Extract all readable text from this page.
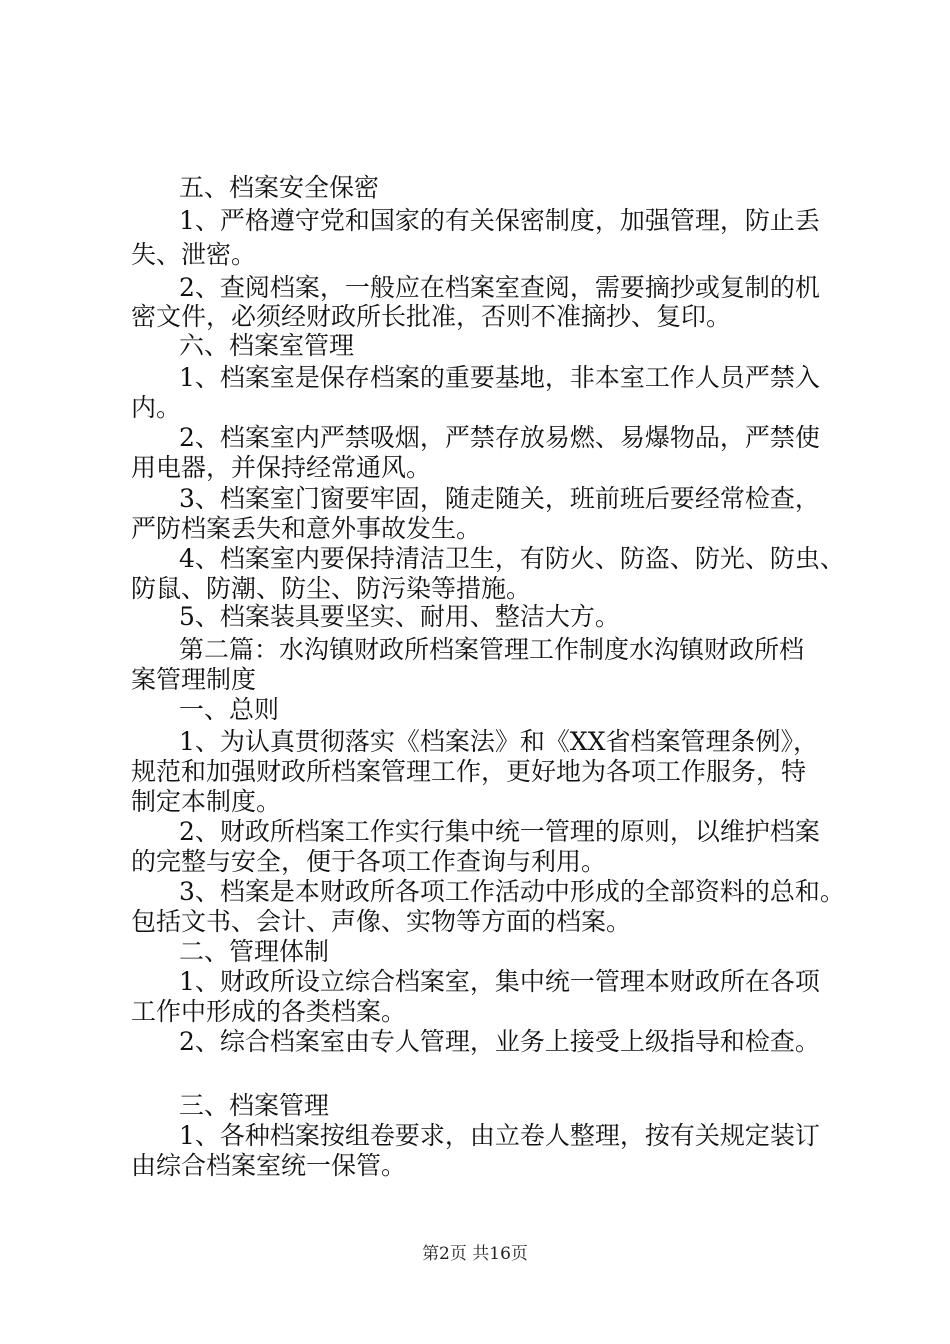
五、档案安全保密
1、严格遵守党和国家的有关保密制度，加强管理，防止丢
失、泄密。
2、查阅档案，一般应在档案室查阅，需要摘抄或复制的机
密文件，必须经财政所长批准，否则不准摘抄、复印。
六、档案室管理
1、档案室是保存档案的重要基地，非本室工作人员严禁入
内。
2、档案室内严禁吸烟，严禁存放易燃、易爆物品，严禁使
用电器，并保持经常通风。
3、档案室门窗要牢固，随走随关，班前班后要经常检查，
严防档案丢失和意外事故发生。
4、档案室内要保持清洁卫生，有防火、防盗、防光、防虫、
防鼠、防潮、防尘、防污染等措施。
5、档案装具要坚实、耐用、整洁大方。
第二篇：水沟镇财政所档案管理工作制度水沟镇财政所档
案管理制度
一、总则
1、为认真贯彻落实《档案法》和《XX省档案管理条例》，
规范和加强财政所档案管理工作，更好地为各项工作服务，特
制定本制度。
2、财政所档案工作实行集中统一管理的原则，以维护档案
的完整与安全，便于各项工作查询与利用。
3、档案是本财政所各项工作活动中形成的全部资料的总和。
包括文书、会计、声像、实物等方面的档案。
二、管理体制
1、财政所设立综合档案室，集中统一管理本财政所在各项
工作中形成的各类档案。
2、综合档案室由专人管理，业务上接受上级指导和检查。
三、档案管理
1、各种档案按组卷要求，由立卷人整理，按有关规定装订
由综合档案室统一保管。
第2页 共16页
